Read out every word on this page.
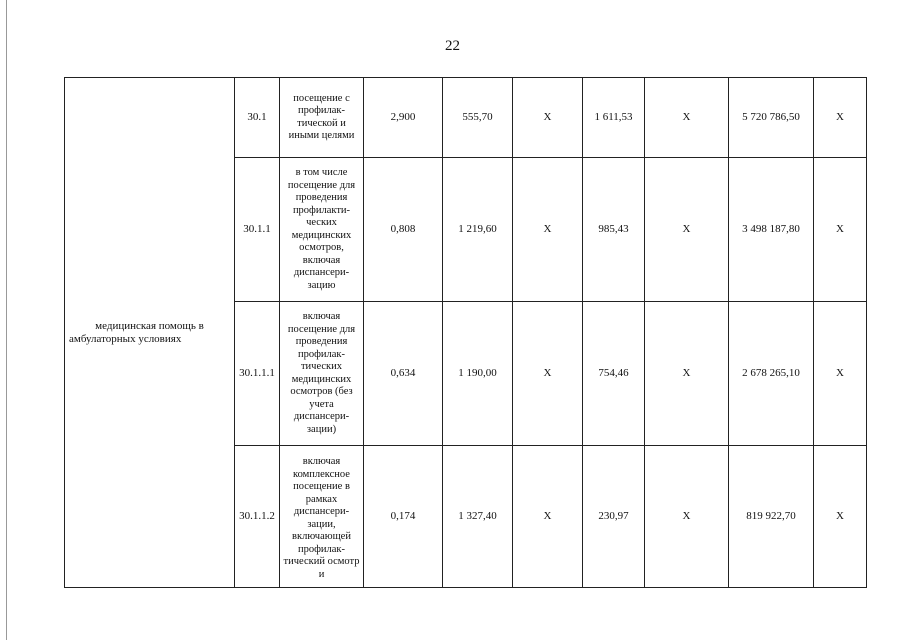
22
медицинская помощь в амбулаторных условиях	30.1	посещение с профилак-тической и иными целями	2,900	555,70	X	1 611,53	X	5 720 786,50	X
	30.1.1	в том числе посещение для проведения профилакти-ческих медицинских осмотров, включая диспансери-зацию	0,808	1 219,60	X	985,43	X	3 498 187,80	X
	30.1.1.1	включая посещение для проведения профилак-тических медицинских осмотров (без учета диспансери-зации)	0,634	1 190,00	X	754,46	X	2 678 265,10	X
	30.1.1.2	включая комплексное посещение в рамках диспансери-зации, включающей профилак-тический осмотр и	0,174	1 327,40	X	230,97	X	819 922,70	X
